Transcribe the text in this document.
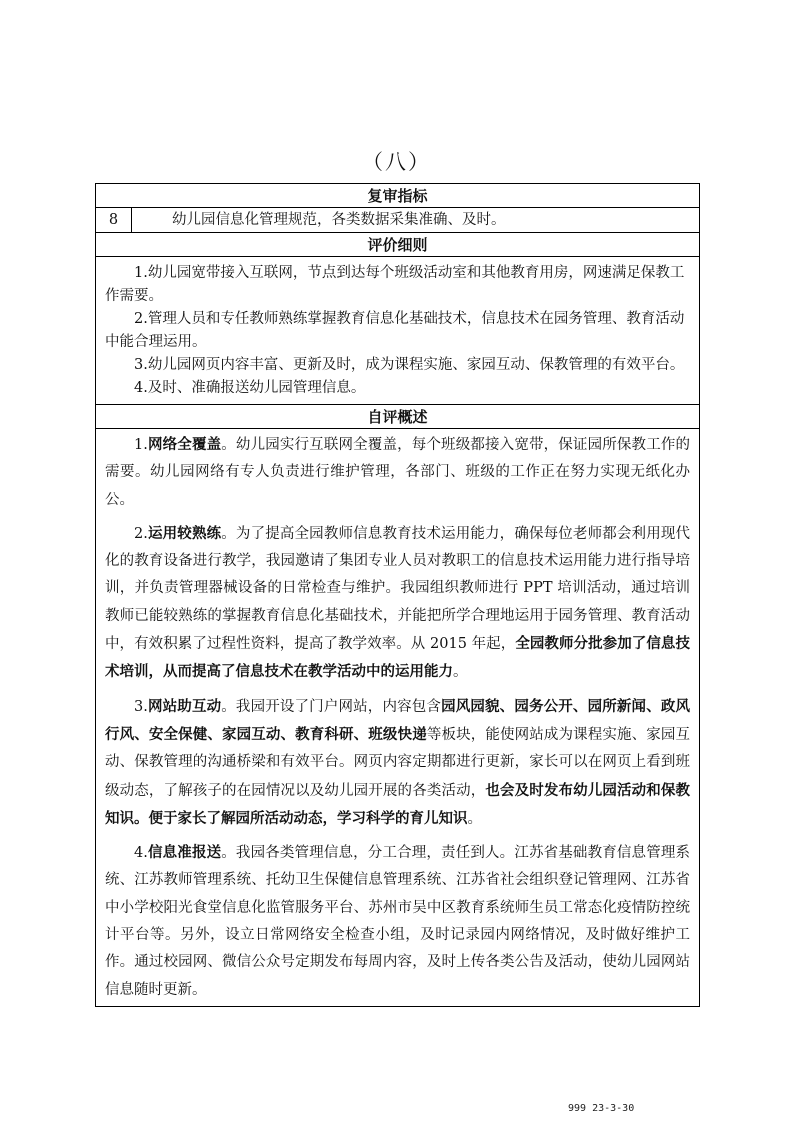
（八）
复审指标
8	幼儿园信息化管理规范，各类数据采集准确、及时。
评价细则

1.幼儿园宽带接入互联网，节点到达每个班级活动室和其他教育用房，网速满足保教工作需要。

2.管理人员和专任教师熟练掌握教育信息化基础技术，信息技术在园务管理、教育活动中能合理运用。

3.幼儿园网页内容丰富、更新及时，成为课程实施、家园互动、保教管理的有效平台。

4.及时、准确报送幼儿园管理信息。

自评概述

1.网络全覆盖。幼儿园实行互联网全覆盖，每个班级都接入宽带，保证园所保教工作的需要。幼儿园网络有专人负责进行维护管理，各部门、班级的工作正在努力实现无纸化办公。

2.运用较熟练。为了提高全园教师信息教育技术运用能力，确保每位老师都会利用现代化的教育设备进行教学，我园邀请了集团专业人员对教职工的信息技术运用能力进行指导培训，并负责管理器械设备的日常检查与维护。我园组织教师进行 PPT 培训活动，通过培训教师已能较熟练的掌握教育信息化基础技术，并能把所学合理地运用于园务管理、教育活动中，有效积累了过程性资料，提高了教学效率。从 2015 年起，全园教师分批参加了信息技术培训，从而提高了信息技术在教学活动中的运用能力。

3.网站助互动。我园开设了门户网站，内容包含园风园貌、园务公开、园所新闻、政风行风、安全保健、家园互动、教育科研、班级快递等板块，能使网站成为课程实施、家园互动、保教管理的沟通桥梁和有效平台。网页内容定期都进行更新，家长可以在网页上看到班级动态，了解孩子的在园情况以及幼儿园开展的各类活动，也会及时发布幼儿园活动和保教知识。便于家长了解园所活动动态，学习科学的育儿知识。

4.信息准报送。我园各类管理信息，分工合理，责任到人。江苏省基础教育信息管理系统、江苏教师管理系统、托幼卫生保健信息管理系统、江苏省社会组织登记管理网、江苏省中小学校阳光食堂信息化监管服务平台、苏州市吴中区教育系统师生员工常态化疫情防控统计平台等。另外，设立日常网络安全检查小组，及时记录园内网络情况，及时做好维护工作。通过校园网、微信公众号定期发布每周内容，及时上传各类公告及活动，使幼儿园网站信息随时更新。

999 23-3-30
